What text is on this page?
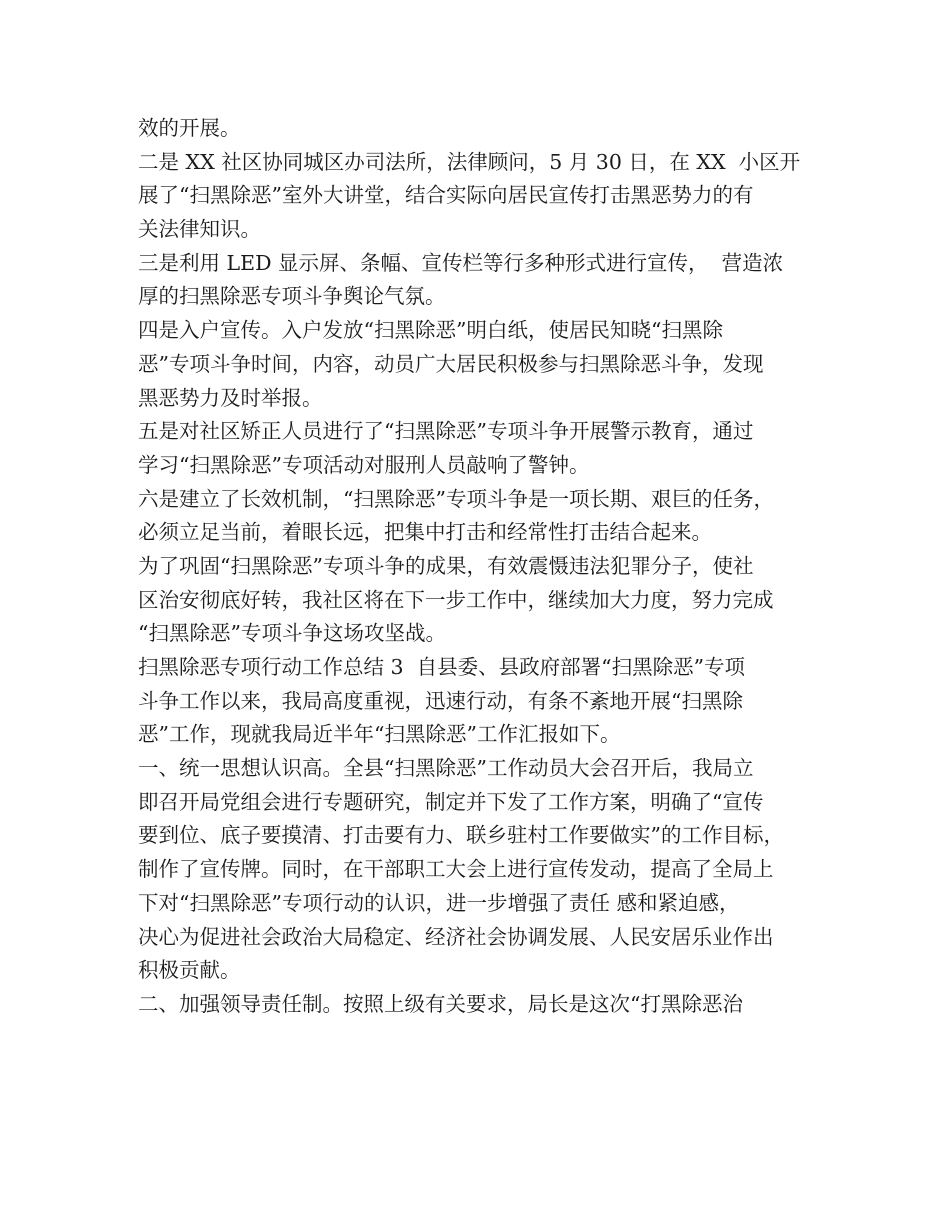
效的开展。
二是 XX 社区协同城区办司法所，法律顾问，5 月 30 日，在 XX  小区开
展了“扫黑除恶”室外大讲堂，结合实际向居民宣传打击黑恶势力的有
关法律知识。
三是利用 LED 显示屏、条幅、宣传栏等行多种形式进行宣传，  营造浓
厚的扫黑除恶专项斗争舆论气氛。
四是入户宣传。入户发放“扫黑除恶”明白纸，使居民知晓“扫黑除
恶”专项斗争时间，内容，动员广大居民积极参与扫黑除恶斗争，发现
黑恶势力及时举报。
五是对社区矫正人员进行了“扫黑除恶”专项斗争开展警示教育，通过
学习“扫黑除恶”专项活动对服刑人员敲响了警钟。
六是建立了长效机制，“扫黑除恶”专项斗争是一项长期、艰巨的任务，
必须立足当前，着眼长远，把集中打击和经常性打击结合起来。
为了巩固“扫黑除恶”专项斗争的成果，有效震慑违法犯罪分子，使社
区治安彻底好转，我社区将在下一步工作中，继续加大力度，努力完成
“扫黑除恶”专项斗争这场攻坚战。
扫黑除恶专项行动工作总结 3  自县委、县政府部署“扫黑除恶”专项
斗争工作以来，我局高度重视，迅速行动，有条不紊地开展“扫黑除
恶”工作，现就我局近半年“扫黑除恶”工作汇报如下。
一、统一思想认识高。全县“扫黑除恶”工作动员大会召开后，我局立
即召开局党组会进行专题研究，制定并下发了工作方案，明确了“宣传
要到位、底子要摸清、打击要有力、联乡驻村工作要做实”的工作目标，
制作了宣传牌。同时，在干部职工大会上进行宣传发动，提高了全局上
下对“扫黑除恶”专项行动的认识，进一步增强了责任 感和紧迫感，
决心为促进社会政治大局稳定、经济社会协调发展、人民安居乐业作出
积极贡献。
二、加强领导责任制。按照上级有关要求，局长是这次“打黑除恶治
